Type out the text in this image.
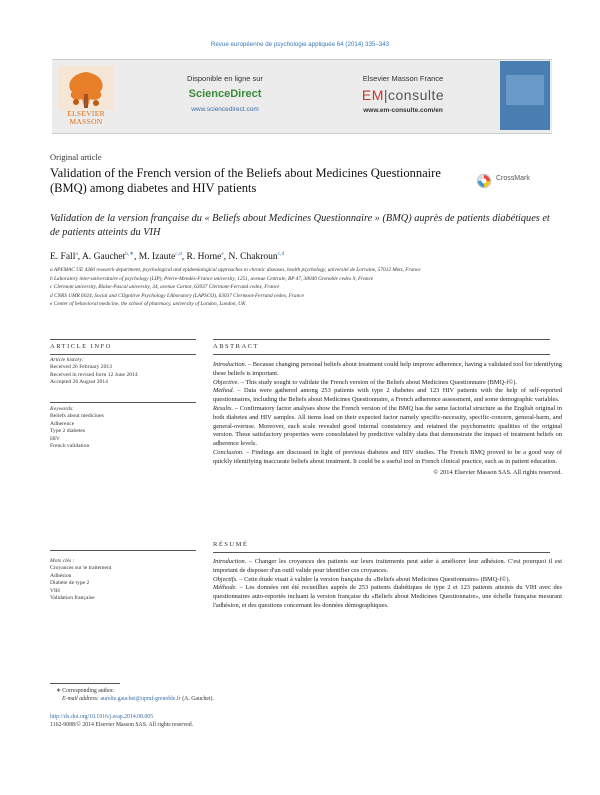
Revue européenne de psychologie appliquée 64 (2014) 335–343
ELSEVIER
MASSON
Disponible en ligne sur
ScienceDirect
www.sciencedirect.com
Elsevier Masson France
EM|consulte
www.em-consulte.com/en
Original article
Validation of the French version of the Beliefs about Medicines Questionnaire (BMQ) among diabetes and HIV patients
CrossMark
Validation de la version française du « Beliefs about Medicines Questionnaire » (BMQ) auprès de patients diabétiques et de patients atteints du VIH
E. Fall$^a$, A. Gauchet$^{b,∗}$, M. Izaute$^{c,d}$, R. Horne$^e$, N. Chakroun$^{c,d}$
a APEMAC UE 4360 research department, psychological and epidemiological approaches to chronic diseases, health psychology, université de Lorraine, 57012 Metz, France
b Laboratory inter-universitaire of psychology (LIP), Pierre-Mendès-France university, 1251, avenue Centrale, BP 47, 38040 Grenoble cedex 9, France
c Clermont university, Blaise-Pascal university, 34, avenue Carnot, 63037 Clermont-Ferrand cedex, France
d CNRS UMR 6024, Social and COgnitive Psychology LAboratory (LAPSCO), 63037 Clermont-Ferrand cedex, France
e Center of behavioral medicine, the school of pharmacy, university of London, London, UK
ARTICLE INFO
Article history:
Received 26 February 2013
Received in revised form 12 June 2014
Accepted 26 August 2014
Keywords:
Beliefs about medicines
Adherence
Type 2 diabetes
HIV
French validation
ABSTRACT

Introduction. – Because changing personal beliefs about treatment could help improve adherence, having a validated tool for identifying these beliefs is important.

Objective. – This study sought to validate the French version of the Beliefs about Medicines Questionnaire (BMQ-f©).

Method. – Data were gathered among 253 patients with type 2 diabetes and 123 HIV patients with the help of self-reported questionnaires, including the Beliefs about Medicines Questionnaire, a French adherence assessment, and some demographic variables.

Results. – Confirmatory factor analyses show the French version of the BMQ has the same factorial structure as the English original in both diabetes and HIV samples. All items load on their expected factor namely specific-necessity, specific-concern, general-harm, and general-overuse. Moreover, each scale revealed good internal consistency and retained the psychometric qualities of the original version. These satisfactory properties were consolidated by predictive validity data that demonstrate the impact of treatment beliefs on adherence levels.

Conclusion. – Findings are discussed in light of previous diabetes and HIV studies. The French BMQ proved to be a good way of quickly identifying inaccurate beliefs about treatment. It could be a useful tool in French clinical practice, such as in patient education.

© 2014 Elsevier Masson SAS. All rights reserved.

Mots clés :
Croyances sur le traitement
Adhésion
Diabète de type 2
VIH
Validation française
RÉSUMÉ

Introduction. – Changer les croyances des patients sur leurs traitements peut aider à améliorer leur adhésion. C'est pourquoi il est important de disposer d'un outil valide pour identifier ces croyances.

Objectifs. – Cette étude visait à valider la version française du «Beliefs about Medicines Questionnaire» (BMQ-f©).

Méthode. – Les données ont été recueillies auprès de 253 patients diabétiques de type 2 et 123 patients atteints du VIH avec des questionnaires auto-reportés incluant la version française du «Beliefs about Medicines Questionnaire», une échelle française mesurant l'adhésion, et des questions concernant les données démographiques.

∗ Corresponding author.
E-mail address: aurelie.gauchet@upmf-grenoble.fr (A. Gauchet).
http://dx.doi.org/10.1016/j.erap.2014.08.005
1162-9088/© 2014 Elsevier Masson SAS. All rights reserved.
